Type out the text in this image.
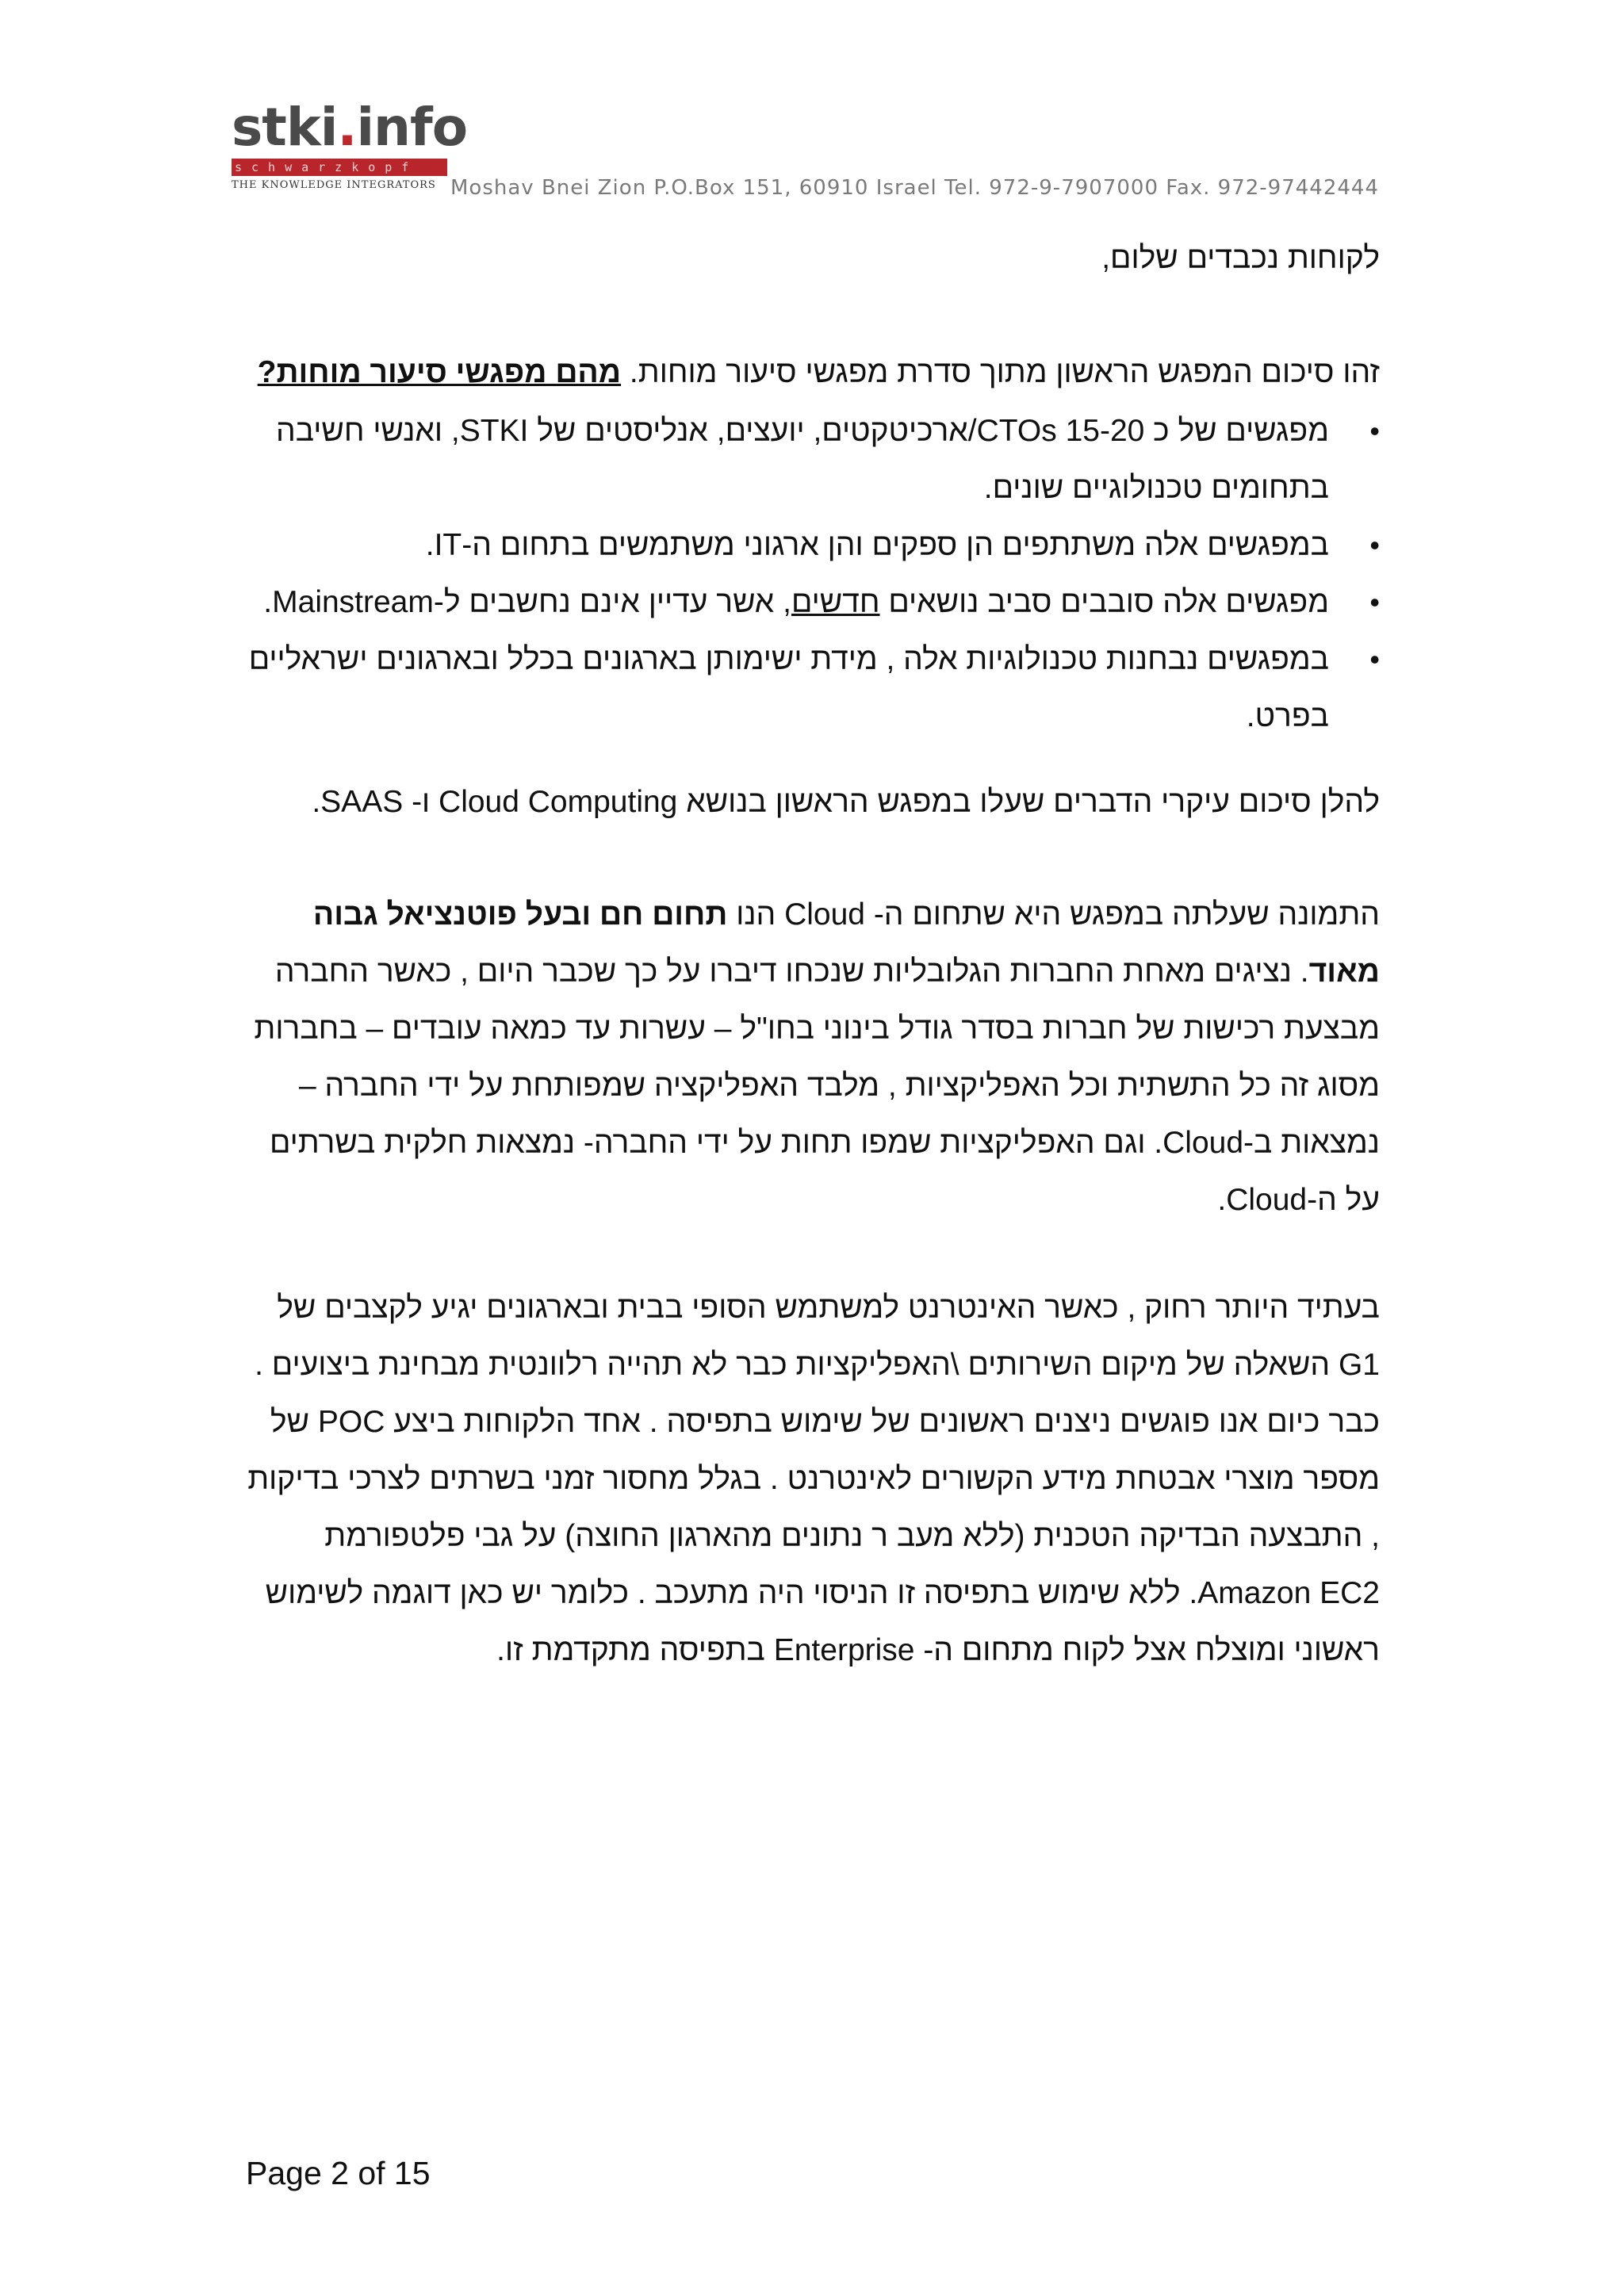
stki.info
schwarzkopf
THE KNOWLEDGE INTEGRATORS Moshav Bnei Zion P.O.Box 151, 60910 Israel Tel. 972-9-7907000 Fax. 972-97442444

לקוחות נכבדים שלום,

זהו סיכום המפגש הראשון מתוך סדרת מפגשי סיעור מוחות. מהם מפגשי סיעור מוחות?

• מפגשים של כ 15-20 CTOs/ארכיטקטים, יועצים, אנליסטים של STKI, ואנשי חשיבה בתחומים טכנולוגיים שונים.
• במפגשים אלה משתתפים הן ספקים והן ארגוני משתמשים בתחום ה-IT.
• מפגשים אלה סובבים סביב נושאים חדשים, אשר עדיין אינם נחשבים ל-Mainstream.
• במפגשים נבחנות טכנולוגיות אלה , מידת ישימותן בארגונים בכלל ובארגונים ישראליים בפרט.

להלן סיכום עיקרי הדברים שעלו במפגש הראשון בנושא Cloud Computing ו- SAAS.

התמונה שעלתה במפגש היא שתחום ה- Cloud הנו תחום חם ובעל פוטנציאל גבוה מאוד. נציגים מאחת החברות הגלובליות שנכחו דיברו על כך שכבר היום , כאשר החברה מבצעת רכישות של חברות בסדר גודל בינוני בחו"ל – עשרות עד כמאה עובדים – בחברות מסוג זה כל התשתית וכל האפליקציות , מלבד האפליקציה שמפותחת על ידי החברה – נמצאות ב-Cloud. וגם האפליקציות שמפו תחות על ידי החברה- נמצאות חלקית בשרתים על ה-Cloud.

בעתיד היותר רחוק , כאשר האינטרנט למשתמש הסופי בבית ובארגונים יגיע לקצבים של G1 השאלה של מיקום השירותים \האפליקציות כבר לא תהייה רלוונטית מבחינת ביצועים . כבר כיום אנו פוגשים ניצנים ראשונים של שימוש בתפיסה . אחד הלקוחות ביצע POC של מספר מוצרי אבטחת מידע הקשורים לאינטרנט . בגלל מחסור זמני בשרתים לצרכי בדיקות , התבצעה הבדיקה הטכנית (ללא מעב ר נתונים מהארגון החוצה) על גבי פלטפורמת Amazon EC2. ללא שימוש בתפיסה זו הניסוי היה מתעכב . כלומר יש כאן דוגמה לשימוש ראשוני ומוצלח אצל לקוח מתחום ה- Enterprise בתפיסה מתקדמת זו.

Page 2 of 15
